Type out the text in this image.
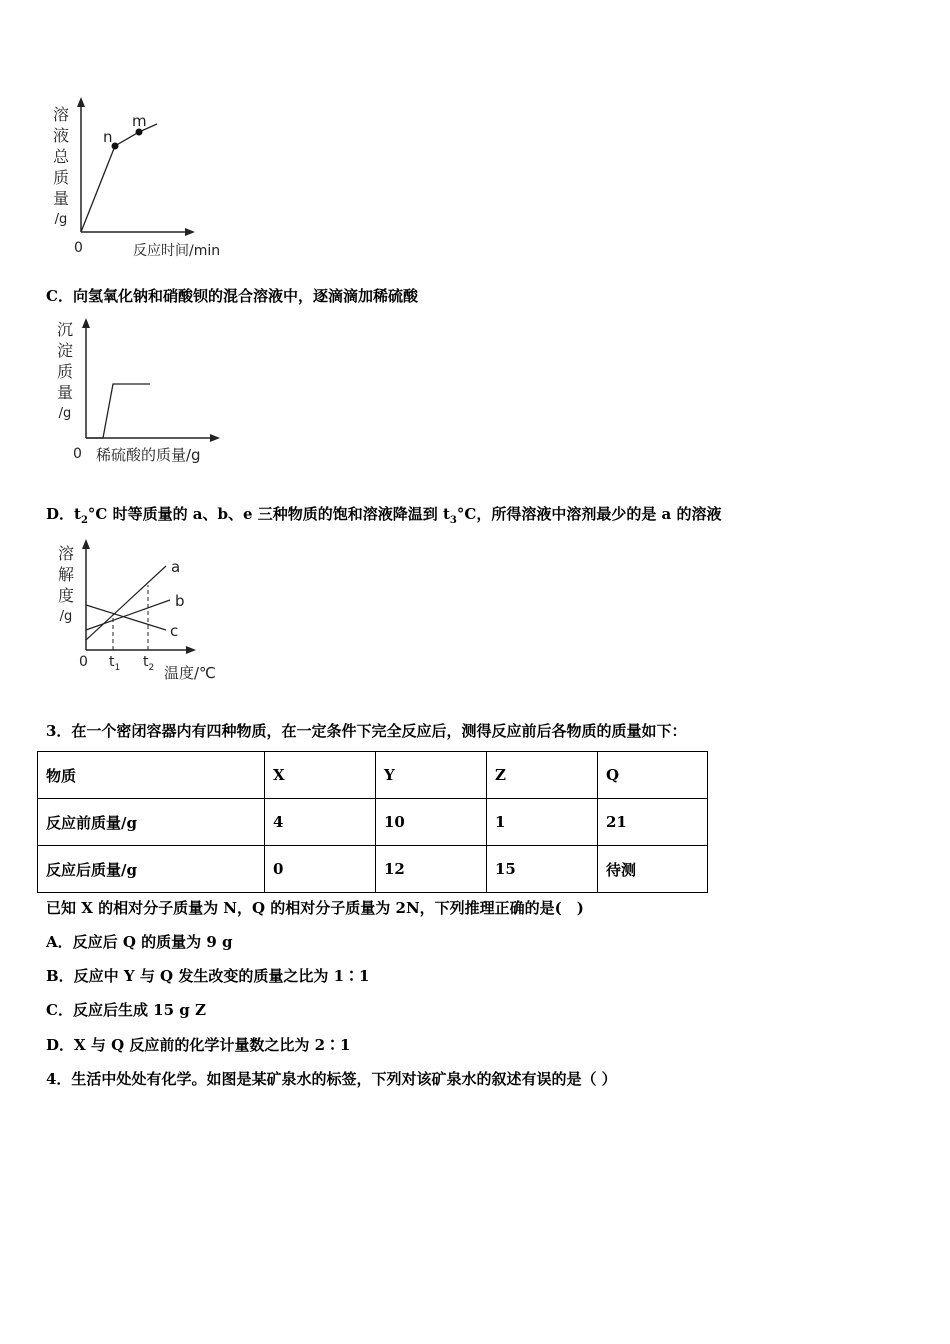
溶
液
总
质
量
/g
n
m
0	反应时间/min
C．向氢氧化钠和硝酸钡的混合溶液中，逐滴滴加稀硫酸
沉
淀
质
量
/g
0 稀硫酸的质量/g
D．$t_2^\circ C$ 时等质量的 a、b、e 三种物质的饱和溶液降温到 $t_3^\circ C$，所得溶液中溶剂最少的是 a 的溶液
溶
解
度
/g
a
b
c
0 $t_1$ $t_2$ 温度/℃
3．在一个密闭容器内有四种物质，在一定条件下完全反应后，测得反应前后各物质的质量如下：
物质	X	Y	Z	Q
反应前质量/g	4	10	1	21
反应后质量/g	0	12	15	待测
已知 X 的相对分子质量为 N，Q 的相对分子质量为 2N，下列推理正确的是(　)
A．反应后 Q 的质量为 9 g
B．反应中 Y 与 Q 发生改变的质量之比为 1∶1
C．反应后生成 15 g Z
D．X 与 Q 反应前的化学计量数之比为 2∶1
4．生活中处处有化学。如图是某矿泉水的标签，下列对该矿泉水的叙述有误的是（ ）
